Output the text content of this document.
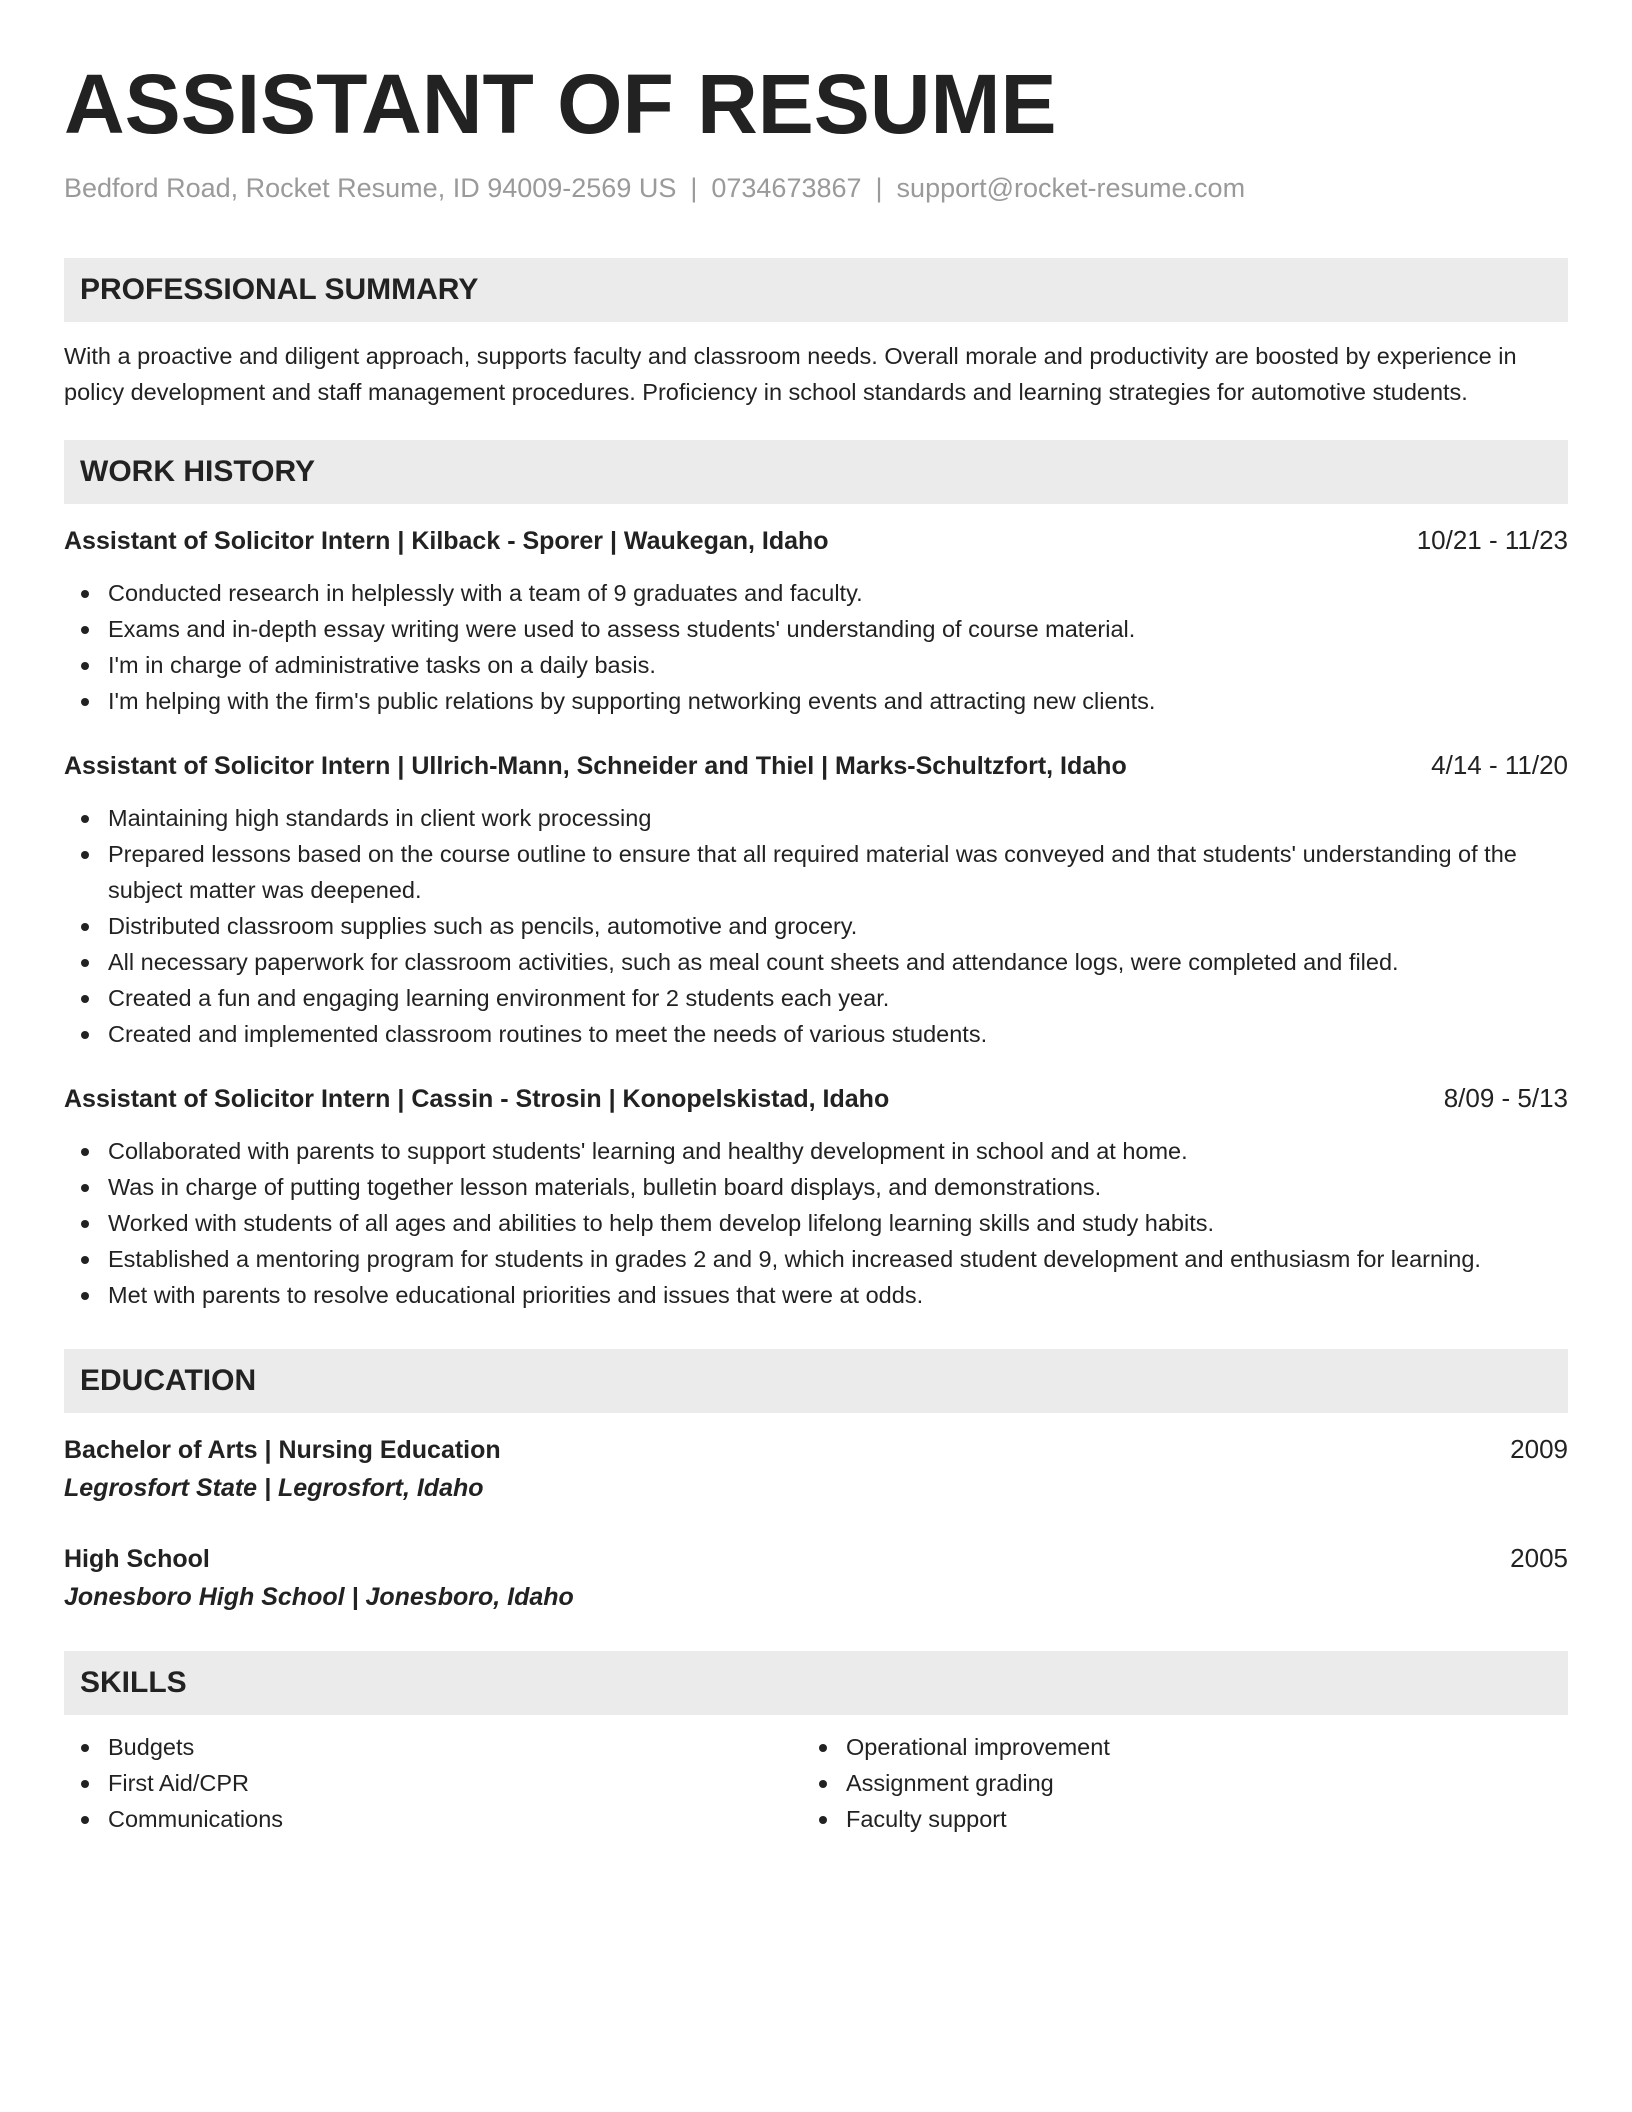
ASSISTANT OF RESUME
Bedford Road, Rocket Resume, ID 94009-2569 US | 0734673867 | support@rocket-resume.com
PROFESSIONAL SUMMARY

With a proactive and diligent approach, supports faculty and classroom needs. Overall morale and productivity are boosted by experience in policy development and staff management procedures. Proficiency in school standards and learning strategies for automotive students.

WORK HISTORY
Assistant of Solicitor Intern | Kilback - Sporer | Waukegan, Idaho	10/21 - 11/23
Conducted research in helplessly with a team of 9 graduates and faculty.
Exams and in-depth essay writing were used to assess students' understanding of course material.
I'm in charge of administrative tasks on a daily basis.
I'm helping with the firm's public relations by supporting networking events and attracting new clients.
Assistant of Solicitor Intern | Ullrich-Mann, Schneider and Thiel | Marks-Schultzfort, Idaho	4/14 - 11/20
Maintaining high standards in client work processing
Prepared lessons based on the course outline to ensure that all required material was conveyed and that students' understanding of the subject matter was deepened.
Distributed classroom supplies such as pencils, automotive and grocery.
All necessary paperwork for classroom activities, such as meal count sheets and attendance logs, were completed and filed.
Created a fun and engaging learning environment for 2 students each year.
Created and implemented classroom routines to meet the needs of various students.
Assistant of Solicitor Intern | Cassin - Strosin | Konopelskistad, Idaho	8/09 - 5/13
Collaborated with parents to support students' learning and healthy development in school and at home.
Was in charge of putting together lesson materials, bulletin board displays, and demonstrations.
Worked with students of all ages and abilities to help them develop lifelong learning skills and study habits.
Established a mentoring program for students in grades 2 and 9, which increased student development and enthusiasm for learning.
Met with parents to resolve educational priorities and issues that were at odds.
EDUCATION
Bachelor of Arts | Nursing Education	2009
Legrosfort State | Legrosfort, Idaho
High School	2005
Jonesboro High School | Jonesboro, Idaho
SKILLS
Budgets
First Aid/CPR
Communications
Operational improvement
Assignment grading
Faculty support
